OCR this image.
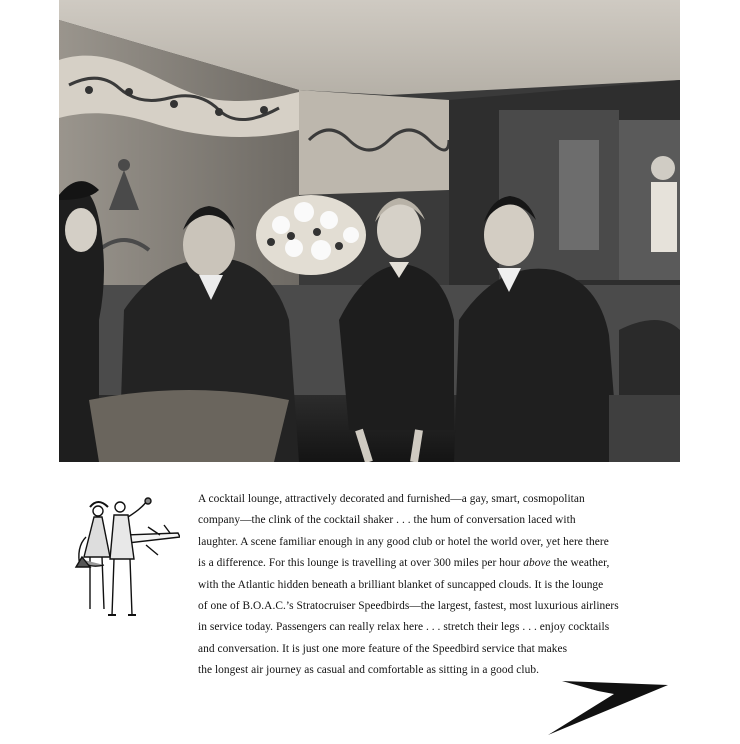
A cocktail lounge, attractively decorated and furnished—a gay, smart, cosmopolitan
company—the clink of the cocktail shaker . . . the hum of conversation laced with
laughter. A scene familiar enough in any good club or hotel the world over, yet here there
is a difference. For this lounge is travelling at over 300 miles per hour above the weather,
with the Atlantic hidden beneath a brilliant blanket of suncapped clouds. It is the lounge
of one of B.O.A.C.’s Stratocruiser Speedbirds—the largest, fastest, most luxurious airliners
in service today. Passengers can really relax here . . . stretch their legs . . . enjoy cocktails
and conversation. It is just one more feature of the Speedbird service that makes
the longest air journey as casual and comfortable as sitting in a good club.
